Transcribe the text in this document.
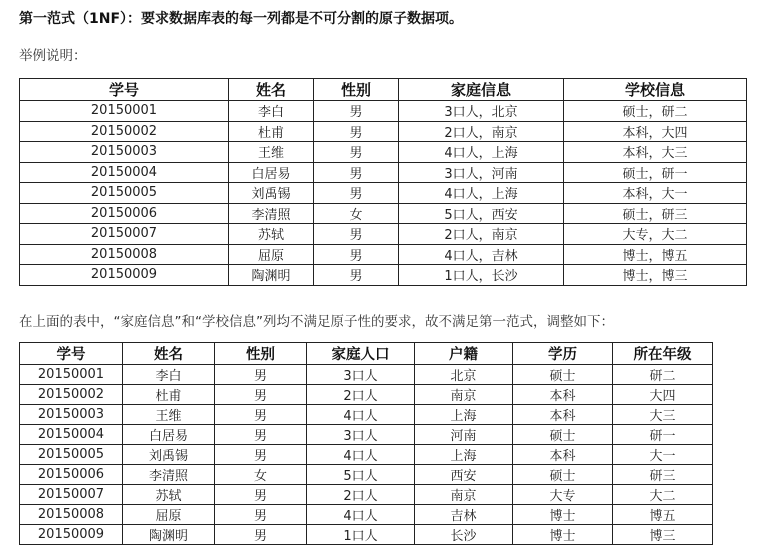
第一范式（1NF）：要求数据库表的每一列都是不可分割的原子数据项。
举例说明：
学号	姓名	性别	家庭信息	学校信息
20150001	李白	男	3口人，北京	硕士，研二
20150002	杜甫	男	2口人，南京	本科，大四
20150003	王维	男	4口人，上海	本科，大三
20150004	白居易	男	3口人，河南	硕士，研一
20150005	刘禹锡	男	4口人，上海	本科，大一
20150006	李清照	女	5口人，西安	硕士，研三
20150007	苏轼	男	2口人，南京	大专，大二
20150008	屈原	男	4口人，吉林	博士，博五
20150009	陶渊明	男	1口人，长沙	博士，博三
在上面的表中，“家庭信息”和“学校信息”列均不满足原子性的要求，故不满足第一范式，调整如下：
学号	姓名	性别	家庭人口	户籍	学历	所在年级
20150001	李白	男	3口人	北京	硕士	研二
20150002	杜甫	男	2口人	南京	本科	大四
20150003	王维	男	4口人	上海	本科	大三
20150004	白居易	男	3口人	河南	硕士	研一
20150005	刘禹锡	男	4口人	上海	本科	大一
20150006	李清照	女	5口人	西安	硕士	研三
20150007	苏轼	男	2口人	南京	大专	大二
20150008	屈原	男	4口人	吉林	博士	博五
20150009	陶渊明	男	1口人	长沙	博士	博三
